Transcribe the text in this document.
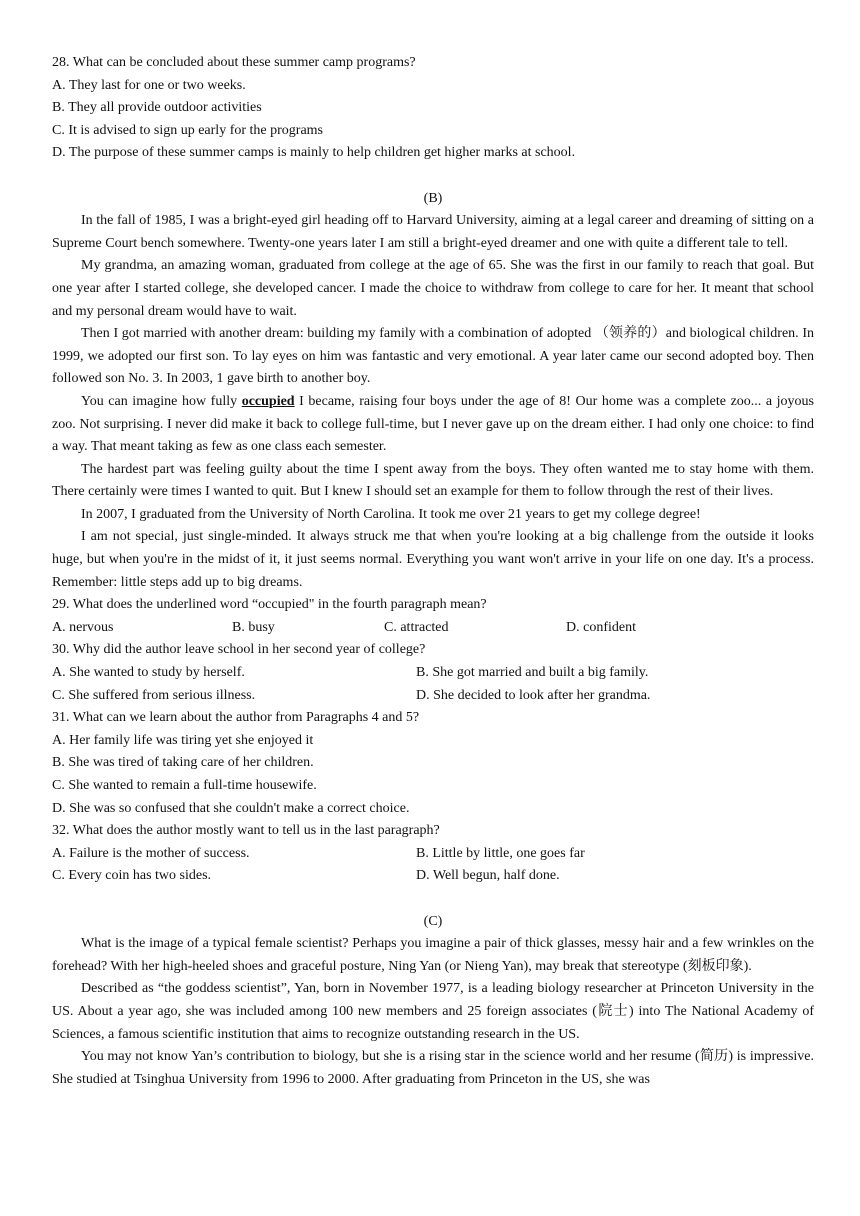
28. What can be concluded about these summer camp programs?
A. They last for one or two weeks.
B. They all provide outdoor activities
C. It is advised to sign up early for the programs
D. The purpose of these summer camps is mainly to help children get higher marks at school.
(B)

In the fall of 1985, I was a bright-eyed girl heading off to Harvard University, aiming at a legal career and dreaming of sitting on a Supreme Court bench somewhere. Twenty-one years later I am still a bright-eyed dreamer and one with quite a different tale to tell.

My grandma, an amazing woman, graduated from college at the age of 65. She was the first in our family to reach that goal. But one year after I started college, she developed cancer. I made the choice to withdraw from college to care for her. It meant that school and my personal dream would have to wait.

Then I got married with another dream: building my family with a combination of adopted （领养的）and biological children. In 1999, we adopted our first son. To lay eyes on him was fantastic and very emotional. A year later came our second adopted boy. Then followed son No. 3. In 2003, 1 gave birth to another boy.

You can imagine how fully occupied I became, raising four boys under the age of 8! Our home was a complete zoo... a joyous zoo. Not surprising. I never did make it back to college full-time, but I never gave up on the dream either. I had only one choice: to find a way. That meant taking as few as one class each semester.

The hardest part was feeling guilty about the time I spent away from the boys. They often wanted me to stay home with them. There certainly were times I wanted to quit. But I knew I should set an example for them to follow through the rest of their lives.

In 2007, I graduated from the University of North Carolina. It took me over 21 years to get my college degree!

I am not special, just single-minded. It always struck me that when you're looking at a big challenge from the outside it looks huge, but when you're in the midst of it, it just seems normal. Everything you want won't arrive in your life on one day. It's a process. Remember: little steps add up to big dreams.

29. What does the underlined word “occupied" in the fourth paragraph mean?
A. nervous	B. busy	C. attracted	D. confident
30. Why did the author leave school in her second year of college?
A. She wanted to study by herself.	B. She got married and built a big family.
C. She suffered from serious illness.	D. She decided to look after her grandma.
31. What can we learn about the author from Paragraphs 4 and 5?
A. Her family life was tiring yet she enjoyed it
B. She was tired of taking care of her children.
C. She wanted to remain a full-time housewife.
D. She was so confused that she couldn't make a correct choice.
32. What does the author mostly want to tell us in the last paragraph?
A. Failure is the mother of success.	B. Little by little, one goes far
C. Every coin has two sides.	D. Well begun, half done.
(C)

What is the image of a typical female scientist? Perhaps you imagine a pair of thick glasses, messy hair and a few wrinkles on the forehead? With her high-heeled shoes and graceful posture, Ning Yan (or Nieng Yan), may break that stereotype (刻板印象).

Described as “the goddess scientist”, Yan, born in November 1977, is a leading biology researcher at Princeton University in the US. About a year ago, she was included among 100 new members and 25 foreign associates (院士) into The National Academy of Sciences, a famous scientific institution that aims to recognize outstanding research in the US.

You may not know Yan’s contribution to biology, but she is a rising star in the science world and her resume (简历) is impressive. She studied at Tsinghua University from 1996 to 2000. After graduating from Princeton in the US, she was
